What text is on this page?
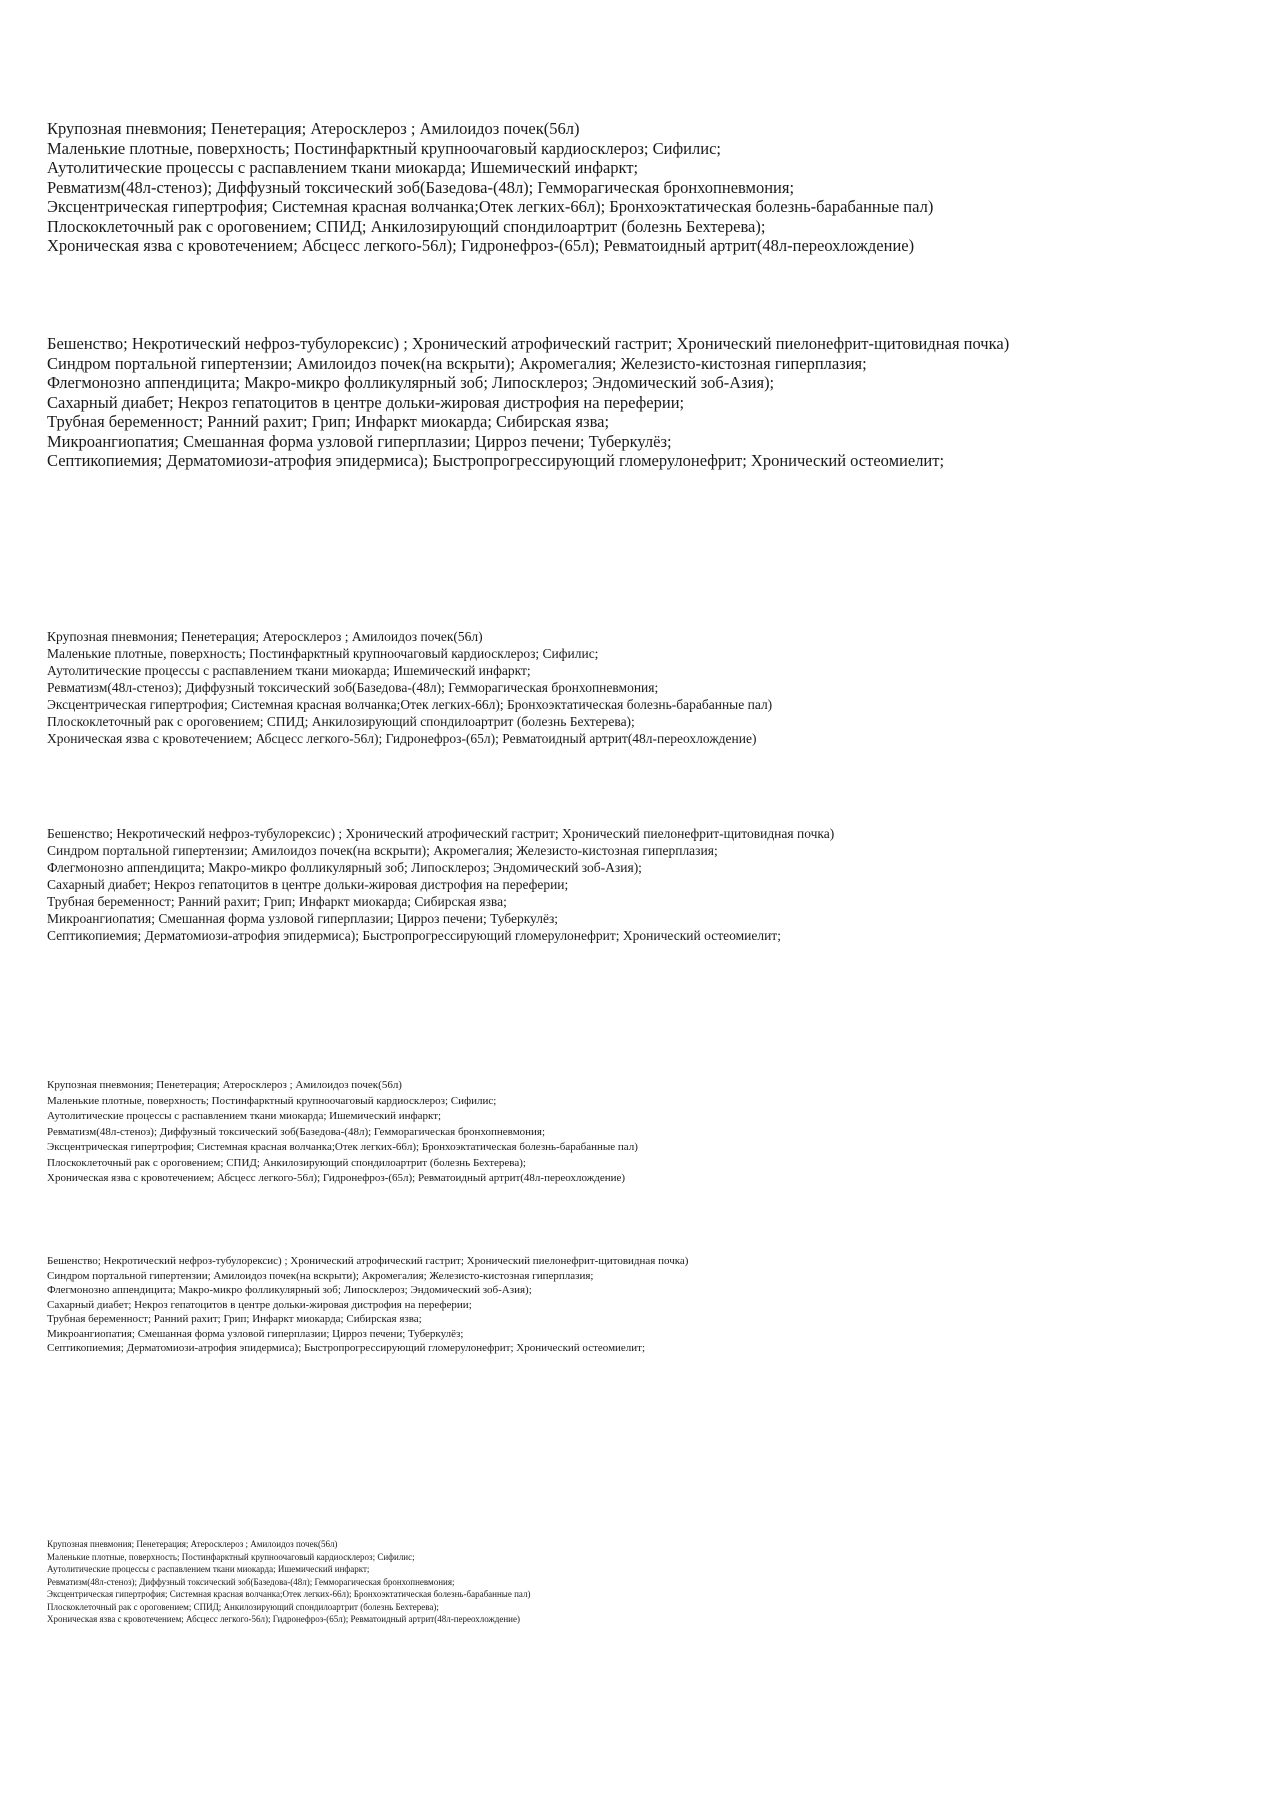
Крупозная пневмония; Пенетерация; Атеросклероз ; Амилоидоз почек(56л)
Маленькие плотные, поверхность; Постинфарктный крупноочаговый кардиосклероз; Сифилис;
Аутолитические процессы с распавлением ткани миокарда; Ишемический инфаркт;
Ревматизм(48л-стеноз); Диффузный токсический зоб(Базедова-(48л); Гемморагическая бронхопневмония;
Эксцентрическая гипертрофия; Системная красная волчанка;Отек легких-66л); Бронхоэктатическая болезнь-барабанные пал)
Плоскоклеточный рак с ороговением; СПИД; Анкилозирующий спондилоартрит (болезнь Бехтерева);
Хроническая язва с кровотечением; Абсцесс легкого-56л); Гидронефроз-(65л); Ревматоидный артрит(48л-переохлождение)
Бешенство; Некротический нефроз-тубулорексис) ; Хронический атрофический гастрит; Хронический пиелонефрит-щитовидная почка)
Синдром портальной гипертензии; Амилоидоз почек(на вскрыти); Акромегалия; Железисто-кистозная гиперплазия;
Флегмонозно аппендицита; Макро-микро фолликулярный зоб; Липосклероз; Эндомический зоб-Азия);
Сахарный диабет; Некроз гепатоцитов в центре дольки-жировая дистрофия на переферии;
Трубная беременност; Ранний рахит; Грип; Инфаркт миокарда; Сибирская язва;
Микроангиопатия; Смешанная форма узловой гиперплазии; Цирроз печени; Туберкулёз;
Септикопиемия; Дерматомиози-атрофия эпидермиса); Быстропрогрессирующий гломерулонефрит; Хронический остеомиелит;
Крупозная пневмония; Пенетерация; Атеросклероз ; Амилоидоз почек(56л)
Маленькие плотные, поверхность; Постинфарктный крупноочаговый кардиосклероз; Сифилис;
Аутолитические процессы с распавлением ткани миокарда; Ишемический инфаркт;
Ревматизм(48л-стеноз); Диффузный токсический зоб(Базедова-(48л); Гемморагическая бронхопневмония;
Эксцентрическая гипертрофия; Системная красная волчанка;Отек легких-66л); Бронхоэктатическая болезнь-барабанные пал)
Плоскоклеточный рак с ороговением; СПИД; Анкилозирующий спондилоартрит (болезнь Бехтерева);
Хроническая язва с кровотечением; Абсцесс легкого-56л); Гидронефроз-(65л); Ревматоидный артрит(48л-переохлождение)
Бешенство; Некротический нефроз-тубулорексис) ; Хронический атрофический гастрит; Хронический пиелонефрит-щитовидная почка)
Синдром портальной гипертензии; Амилоидоз почек(на вскрыти); Акромегалия; Железисто-кистозная гиперплазия;
Флегмонозно аппендицита; Макро-микро фолликулярный зоб; Липосклероз; Эндомический зоб-Азия);
Сахарный диабет; Некроз гепатоцитов в центре дольки-жировая дистрофия на переферии;
Трубная беременност; Ранний рахит; Грип; Инфаркт миокарда; Сибирская язва;
Микроангиопатия; Смешанная форма узловой гиперплазии; Цирроз печени; Туберкулёз;
Септикопиемия; Дерматомиози-атрофия эпидермиса); Быстропрогрессирующий гломерулонефрит; Хронический остеомиелит;
Крупозная пневмония; Пенетерация; Атеросклероз ; Амилоидоз почек(56л)
Маленькие плотные, поверхность; Постинфарктный крупноочаговый кардиосклероз; Сифилис;
Аутолитические процессы с распавлением ткани миокарда; Ишемический инфаркт;
Ревматизм(48л-стеноз); Диффузный токсический зоб(Базедова-(48л); Гемморагическая бронхопневмония;
Эксцентрическая гипертрофия; Системная красная волчанка;Отек легких-66л); Бронхоэктатическая болезнь-барабанные пал)
Плоскоклеточный рак с ороговением; СПИД; Анкилозирующий спондилоартрит (болезнь Бехтерева);
Хроническая язва с кровотечением; Абсцесс легкого-56л); Гидронефроз-(65л); Ревматоидный артрит(48л-переохлождение)
Бешенство; Некротический нефроз-тубулорексис) ; Хронический атрофический гастрит; Хронический пиелонефрит-щитовидная почка)
Синдром портальной гипертензии; Амилоидоз почек(на вскрыти); Акромегалия; Железисто-кистозная гиперплазия;
Флегмонозно аппендицита; Макро-микро фолликулярный зоб; Липосклероз; Эндомический зоб-Азия);
Сахарный диабет; Некроз гепатоцитов в центре дольки-жировая дистрофия на переферии;
Трубная беременност; Ранний рахит; Грип; Инфаркт миокарда; Сибирская язва;
Микроангиопатия; Смешанная форма узловой гиперплазии; Цирроз печени; Туберкулёз;
Септикопиемия; Дерматомиози-атрофия эпидермиса); Быстропрогрессирующий гломерулонефрит; Хронический остеомиелит;
Крупозная пневмония; Пенетерация; Атеросклероз ; Амилоидоз почек(56л)
Маленькие плотные, поверхность; Постинфарктный крупноочаговый кардиосклероз; Сифилис;
Аутолитические процессы с распавлением ткани миокарда; Ишемический инфаркт;
Ревматизм(48л-стеноз); Диффузный токсический зоб(Базедова-(48л); Гемморагическая бронхопневмония;
Эксцентрическая гипертрофия; Системная красная волчанка;Отек легких-66л); Бронхоэктатическая болезнь-барабанные пал)
Плоскоклеточный рак с ороговением; СПИД; Анкилозирующий спондилоартрит (болезнь Бехтерева);
Хроническая язва с кровотечением; Абсцесс легкого-56л); Гидронефроз-(65л); Ревматоидный артрит(48л-переохлождение)
